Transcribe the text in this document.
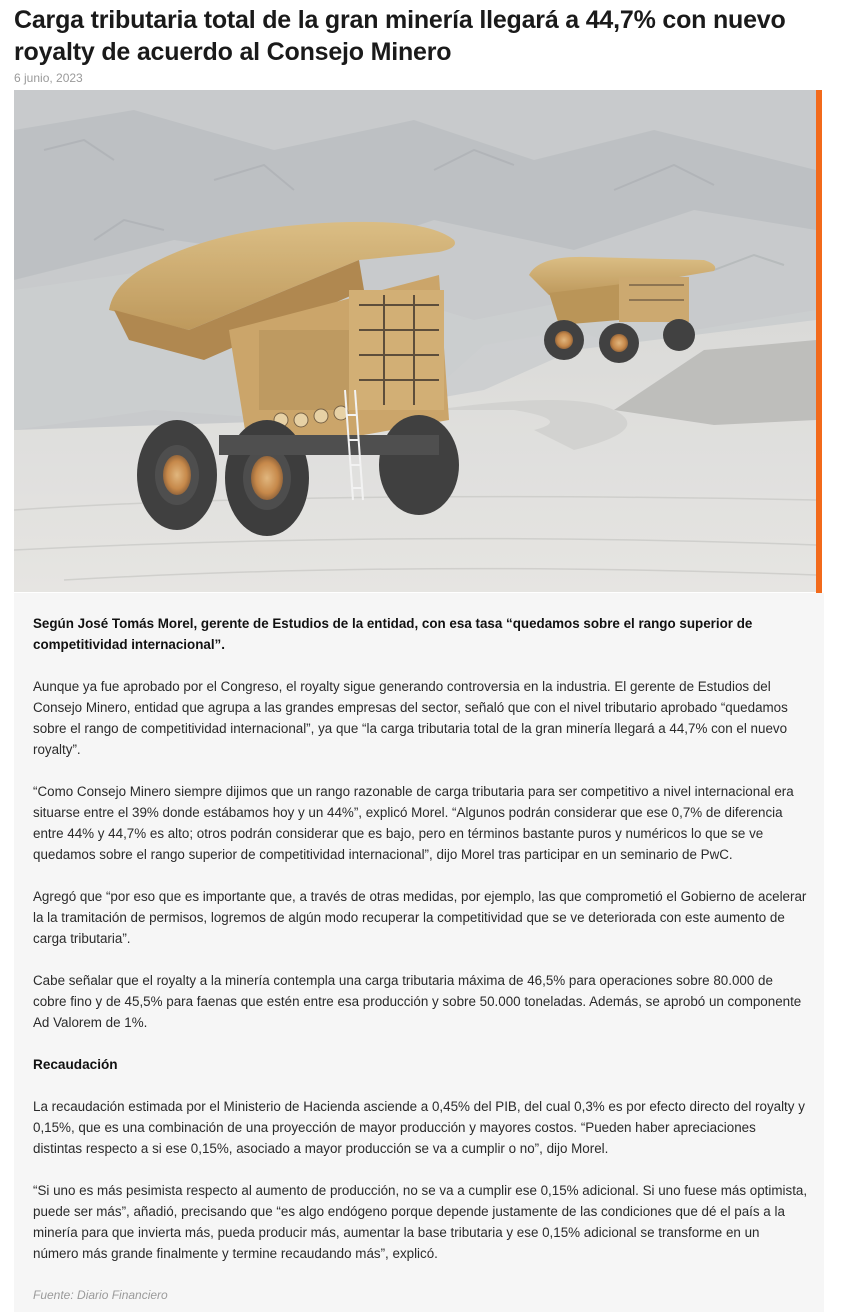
Carga tributaria total de la gran minería llegará a 44,7% con nuevo royalty de acuerdo al Consejo Minero
6 junio, 2023

Según José Tomás Morel, gerente de Estudios de la entidad, con esa tasa “quedamos sobre el rango superior de competitividad internacional”.

Aunque ya fue aprobado por el Congreso, el royalty sigue generando controversia en la industria. El gerente de Estudios del Consejo Minero, entidad que agrupa a las grandes empresas del sector, señaló que con el nivel tributario aprobado “quedamos sobre el rango de competitividad internacional”, ya que “la carga tributaria total de la gran minería llegará a 44,7% con el nuevo royalty”.

“Como Consejo Minero siempre dijimos que un rango razonable de carga tributaria para ser competitivo a nivel internacional era situarse entre el 39% donde estábamos hoy y un 44%”, explicó Morel. “Algunos podrán considerar que ese 0,7% de diferencia entre 44% y 44,7% es alto; otros podrán considerar que es bajo, pero en términos bastante puros y numéricos lo que se ve quedamos sobre el rango superior de competitividad internacional”, dijo Morel tras participar en un seminario de PwC.

Agregó que “por eso que es importante que, a través de otras medidas, por ejemplo, las que comprometió el Gobierno de acelerar la la tramitación de permisos, logremos de algún modo recuperar la competitividad que se ve deteriorada con este aumento de carga tributaria”.

Cabe señalar que el royalty a la minería contempla una carga tributaria máxima de 46,5% para operaciones sobre 80.000 de cobre fino y de 45,5% para faenas que estén entre esa producción y sobre 50.000 toneladas. Además, se aprobó un componente Ad Valorem de 1%.

Recaudación

La recaudación estimada por el Ministerio de Hacienda asciende a 0,45% del PIB, del cual 0,3% es por efecto directo del royalty y 0,15%, que es una combinación de una proyección de mayor producción y mayores costos. “Pueden haber apreciaciones distintas respecto a si ese 0,15%, asociado a mayor producción se va a cumplir o no”, dijo Morel.

“Si uno es más pesimista respecto al aumento de producción, no se va a cumplir ese 0,15% adicional. Si uno fuese más optimista, puede ser más”, añadió, precisando que “es algo endógeno porque depende justamente de las condiciones que dé el país a la minería para que invierta más, pueda producir más, aumentar la base tributaria y ese 0,15% adicional se transforme en un número más grande finalmente y termine recaudando más”, explicó.

Fuente: Diario Financiero
